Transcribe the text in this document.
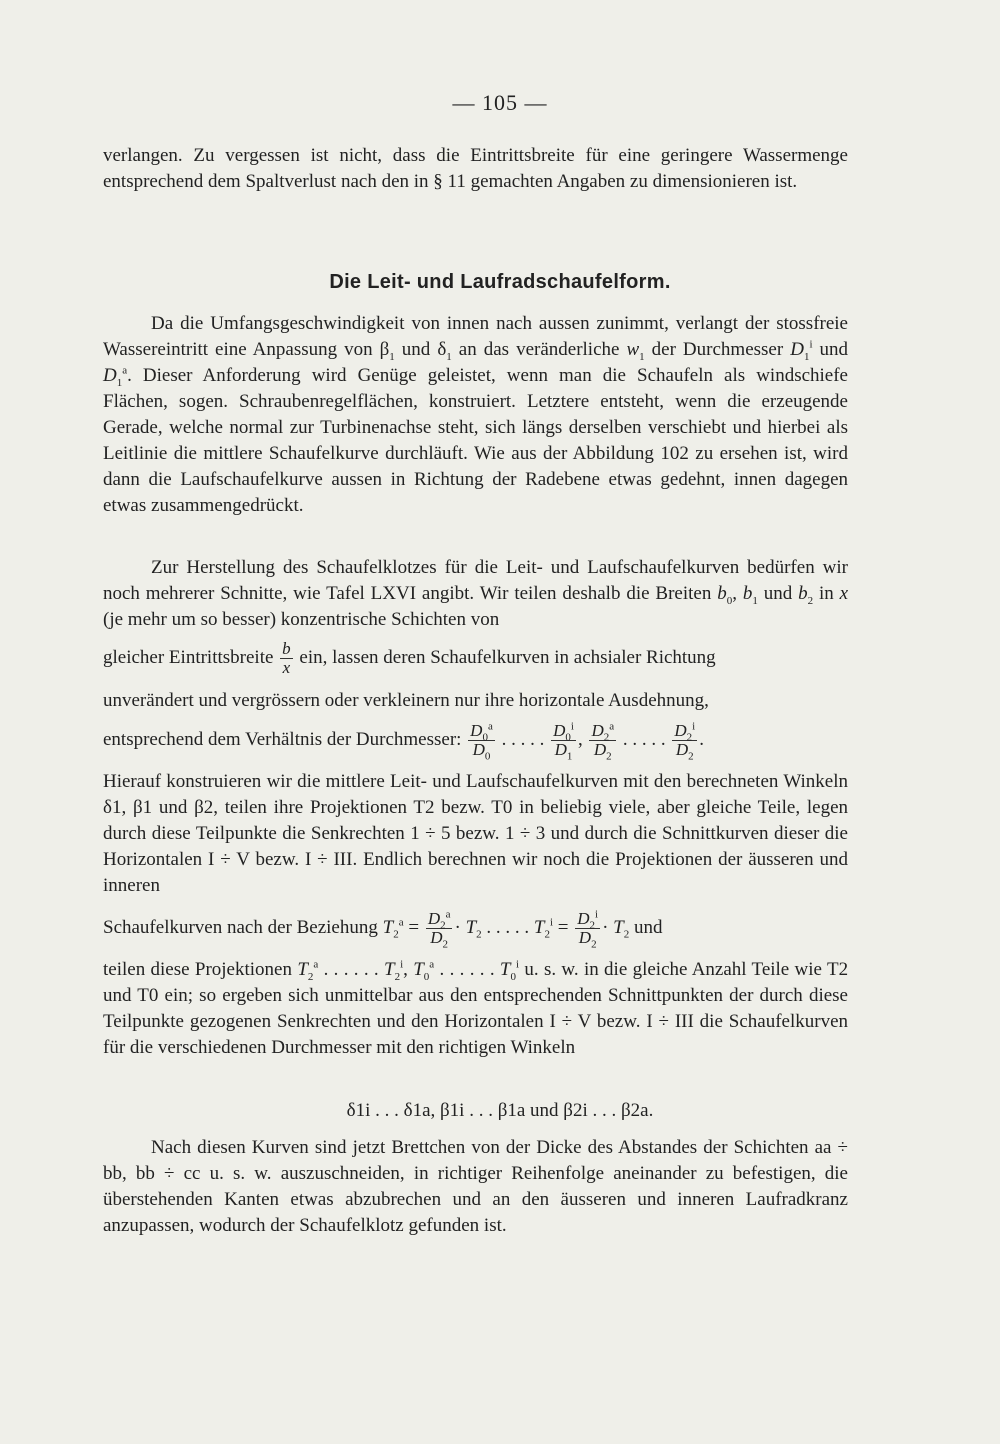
— 105 —

verlangen. Zu vergessen ist nicht, dass die Eintrittsbreite für eine geringere Wassermenge entsprechend dem Spaltverlust nach den in § 11 gemachten Angaben zu dimensionieren ist.

Die Leit- und Laufradschaufelform.

Da die Umfangsgeschwindigkeit von innen nach aussen zunimmt, verlangt der stossfreie Wassereintritt eine Anpassung von $\beta_1$ und $\delta_1$ an das veränderliche $w_1$ der Durchmesser $D_1^i$ und $D_1^a$. Dieser Anforderung wird Genüge geleistet, wenn man die Schaufeln als windschiefe Flächen, sogen. Schraubenregelflächen, konstruiert. Letztere entsteht, wenn die erzeugende Gerade, welche normal zur Turbinenachse steht, sich längs derselben verschiebt und hierbei als Leitlinie die mittlere Schaufelkurve durchläuft. Wie aus der Abbildung 102 zu ersehen ist, wird dann die Laufschaufelkurve aussen in Richtung der Radebene etwas gedehnt, innen dagegen etwas zusammengedrückt.

Zur Herstellung des Schaufelklotzes für die Leit- und Laufschaufelkurven bedürfen wir noch mehrerer Schnitte, wie Tafel LXVI angibt. Wir teilen deshalb die Breiten $b_0$, $b_1$ und $b_2$ in x (je mehr um so besser) konzentrische Schichten von

gleicher Eintrittsbreite $\frac{b}{x}$ ein, lassen deren Schaufelkurven in achsialer Richtung
unverändert und vergrössern oder verkleinern nur ihre horizontale Ausdehnung,
entsprechend dem Verhältnis der Durchmesser: $\frac{D_0^a}{D_0}$ . . . . . $\frac{D_0^i}{D_1}$ , $\frac{D_2^a}{D_2}$ . . . . . $\frac{D_2^i}{D_2}$ .

Hierauf konstruieren wir die mittlere Leit- und Laufschaufelkurven mit den berechneten Winkeln δ1, β1 und β2, teilen ihre Projektionen T2 bezw. T0 in beliebig viele, aber gleiche Teile, legen durch diese Teilpunkte die Senkrechten 1 ÷ 5 bezw. 1 ÷ 3 und durch die Schnittkurven dieser die Horizontalen I ÷ V bezw. I ÷ III. Endlich berechnen wir noch die Projektionen der äusseren und inneren

Schaufelkurven nach der Beziehung $T_2^a = \frac{D_2^a}{D_2} \cdot T_2$ . . . . . $T_2^i = \frac{D_2^i}{D_2} \cdot T_2$ und

teilen diese Projektionen $T_2^a$ . . . . . . $T_2^i$, $T_0^a$ . . . . . . $T_0^i$ u. s. w. in die gleiche Anzahl Teile wie T2 und T0 ein; so ergeben sich unmittelbar aus den entsprechenden Schnittpunkten der durch diese Teilpunkte gezogenen Senkrechten und den Horizontalen I ÷ V bezw. I ÷ III die Schaufelkurven für die verschiedenen Durchmesser mit den richtigen Winkeln

δ1i . . . δ1a, β1i . . . β1a und β2i . . . β2a.

Nach diesen Kurven sind jetzt Brettchen von der Dicke des Abstandes der Schichten aa ÷ bb, bb ÷ cc u. s. w. auszuschneiden, in richtiger Reihenfolge aneinander zu befestigen, die überstehenden Kanten etwas abzubrechen und an den äusseren und inneren Laufradkranz anzupassen, wodurch der Schaufelklotz gefunden ist.
